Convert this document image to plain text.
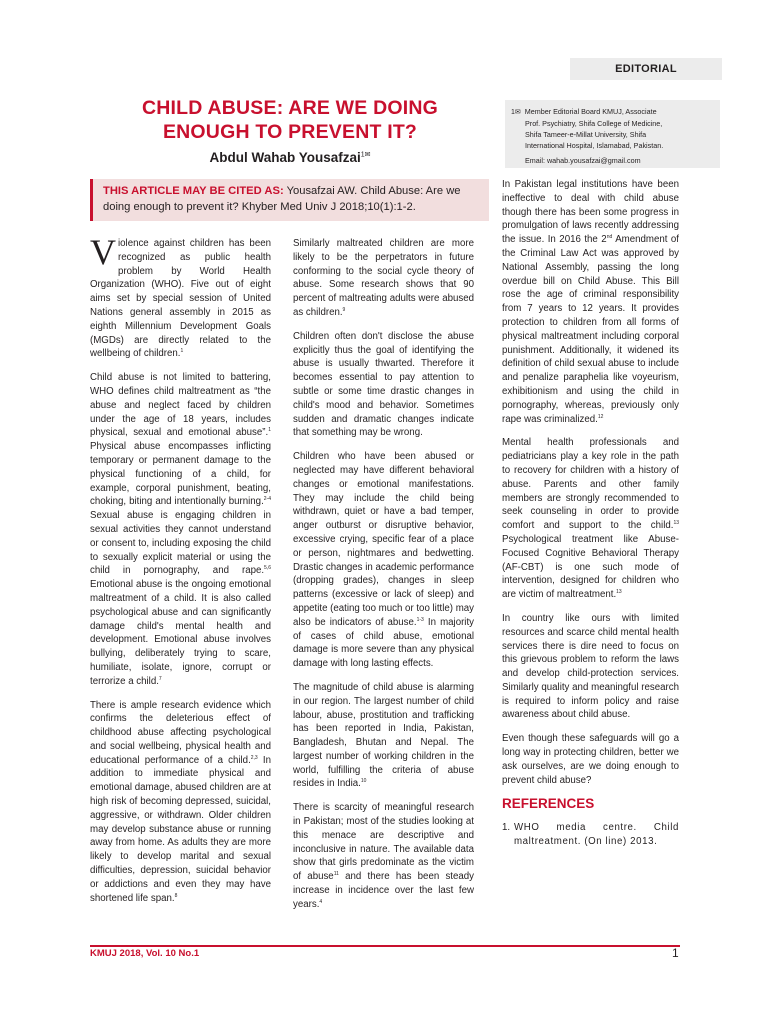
EDITORIAL
CHILD ABUSE: ARE WE DOING
ENOUGH TO PREVENT IT?
Abdul Wahab Yousafzai$^{1✉}$

THIS ARTICLE MAY BE CITED AS: Yousafzai AW. Child Abuse: Are we doing enough to prevent it? Khyber Med Univ J 2018;10(1):1-2.

1✉ Member Editorial Board KMUJ, Associate
Prof. Psychiatry, Shifa College of Medicine,
Shifa Tameer-e-Millat University, Shifa
International Hospital, Islamabad, Pakistan.
Email: wahab.yousafzai@gmail.com

Violence against children has been recognized as public health problem by World Health Organization (WHO). Five out of eight aims set by special session of United Nations general assembly in 2015 as eighth Millennium Development Goals (MGDs) are directly related to the wellbeing of children.$^1$

Child abuse is not limited to battering, WHO defines child maltreatment as “the abuse and neglect faced by children under the age of 18 years, includes physical, sexual and emotional abuse”.$^1$ Physical abuse encompasses inflicting temporary or permanent damage to the physical functioning of a child, for example, corporal punishment, beating, choking, biting and intentionally burning.$^{2-4}$ Sexual abuse is engaging children in sexual activities they cannot understand or consent to, including exposing the child to sexually explicit material or using the child in pornography, and rape.$^{5,6}$ Emotional abuse is the ongoing emotional maltreatment of a child. It is also called psychological abuse and can significantly damage child's mental health and development. Emotional abuse involves bullying, deliberately trying to scare, humiliate, isolate, ignore, corrupt or terrorize a child.$^7$

There is ample research evidence which confirms the deleterious effect of childhood abuse affecting psychological and social wellbeing, physical health and educational performance of a child.$^{2,3}$ In addition to immediate physical and emotional damage, abused children are at high risk of becoming depressed, suicidal, aggressive, or withdrawn. Older children may develop substance abuse or running away from home. As adults they are more likely to develop marital and sexual difficulties, depression, suicidal behavior or addictions and even they may have shortened life span.$^8$

Similarly maltreated children are more likely to be the perpetrators in future conforming to the social cycle theory of abuse. Some research shows that 90 percent of maltreating adults were abused as children.$^9$

Children often don't disclose the abuse explicitly thus the goal of identifying the abuse is usually thwarted. Therefore it becomes essential to pay attention to subtle or some time drastic changes in child's mood and behavior. Sometimes sudden and dramatic changes indicate that something may be wrong.

Children who have been abused or neglected may have different behavioral changes or emotional manifestations. They may include the child being withdrawn, quiet or have a bad temper, anger outburst or disruptive behavior, excessive crying, specific fear of a place or person, nightmares and bedwetting. Drastic changes in academic performance (dropping grades), changes in sleep patterns (excessive or lack of sleep) and appetite (eating too much or too little) may also be indicators of abuse.$^{1-3}$ In majority of cases of child abuse, emotional damage is more severe than any physical damage with long lasting effects.

The magnitude of child abuse is alarming in our region. The largest number of child labour, abuse, prostitution and trafficking has been reported in India, Pakistan, Bangladesh, Bhutan and Nepal. The largest number of working children in the world, fulfilling the criteria of abuse resides in India.$^{10}$

There is scarcity of meaningful research in Pakistan; most of the studies looking at this menace are descriptive and inconclusive in nature. The available data show that girls predominate as the victim of abuse$^{11}$ and there has been steady increase in incidence over the last few years.$^4$

In Pakistan legal institutions have been ineffective to deal with child abuse though there has been some progress in promulgation of laws recently addressing the issue. In 2016 the 2nd Amendment of the Criminal Law Act was approved by National Assembly, passing the long overdue bill on Child Abuse. This Bill rose the age of criminal responsibility from 7 years to 12 years. It provides protection to children from all forms of physical maltreatment including corporal punishment. Additionally, it widened its definition of child sexual abuse to include and penalize paraphelia like voyeurism, exhibitionism and using the child in pornography, whereas, previously only rape was criminalized.$^{12}$

Mental health professionals and pediatricians play a key role in the path to recovery for children with a history of abuse. Parents and other family members are strongly recommended to seek counseling in order to provide comfort and support to the child.$^{13}$ Psychological treatment like Abuse-Focused Cognitive Behavioral Therapy (AF-CBT) is one such mode of intervention, designed for children who are victim of maltreatment.$^{13}$

In country like ours with limited resources and scarce child mental health services there is dire need to focus on this grievous problem to reform the laws and develop child-protection services. Similarly quality and meaningful research is required to inform policy and raise awareness about child abuse.

Even though these safeguards will go a long way in protecting children, better we ask ourselves, are we doing enough to prevent child abuse?

REFERENCES
1. WHO media centre. Child maltreatment. (On line) 2013.
KMUJ 2018, Vol. 10 No.1	1
